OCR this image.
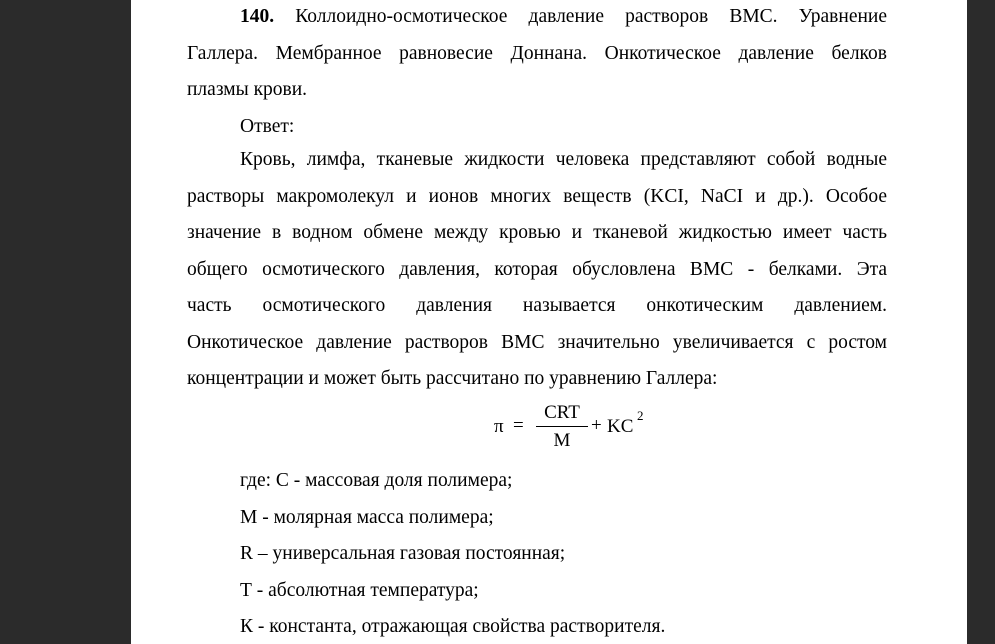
140. Коллоидно-осмотическое давление растворов ВМС. Уравнение

Галлера. Мембранное равновесие Доннана. Онкотическое давление белков

плазмы крови.

Ответ:

Кровь, лимфа, тканевые жидкости человека представляют собой водные

растворы макромолекул и ионов многих веществ (KCI, NaCI и др.). Особое

значение в водном обмене между кровью и тканевой жидкостью имеет часть

общего осмотического давления, которая обусловлена ВМС - белками. Эта

часть осмотического давления называется онкотическим давлением.

Онкотическое давление растворов ВМС значительно увеличивается с ростом

концентрации и может быть рассчитано по уравнению Галлера:

π =
CRT
M
+ KC
2
где: С - массовая доля полимера;
М - молярная масса полимера;
R – универсальная газовая постоянная;
Т - абсолютная температура;
К - константа, отражающая свойства растворителя.
